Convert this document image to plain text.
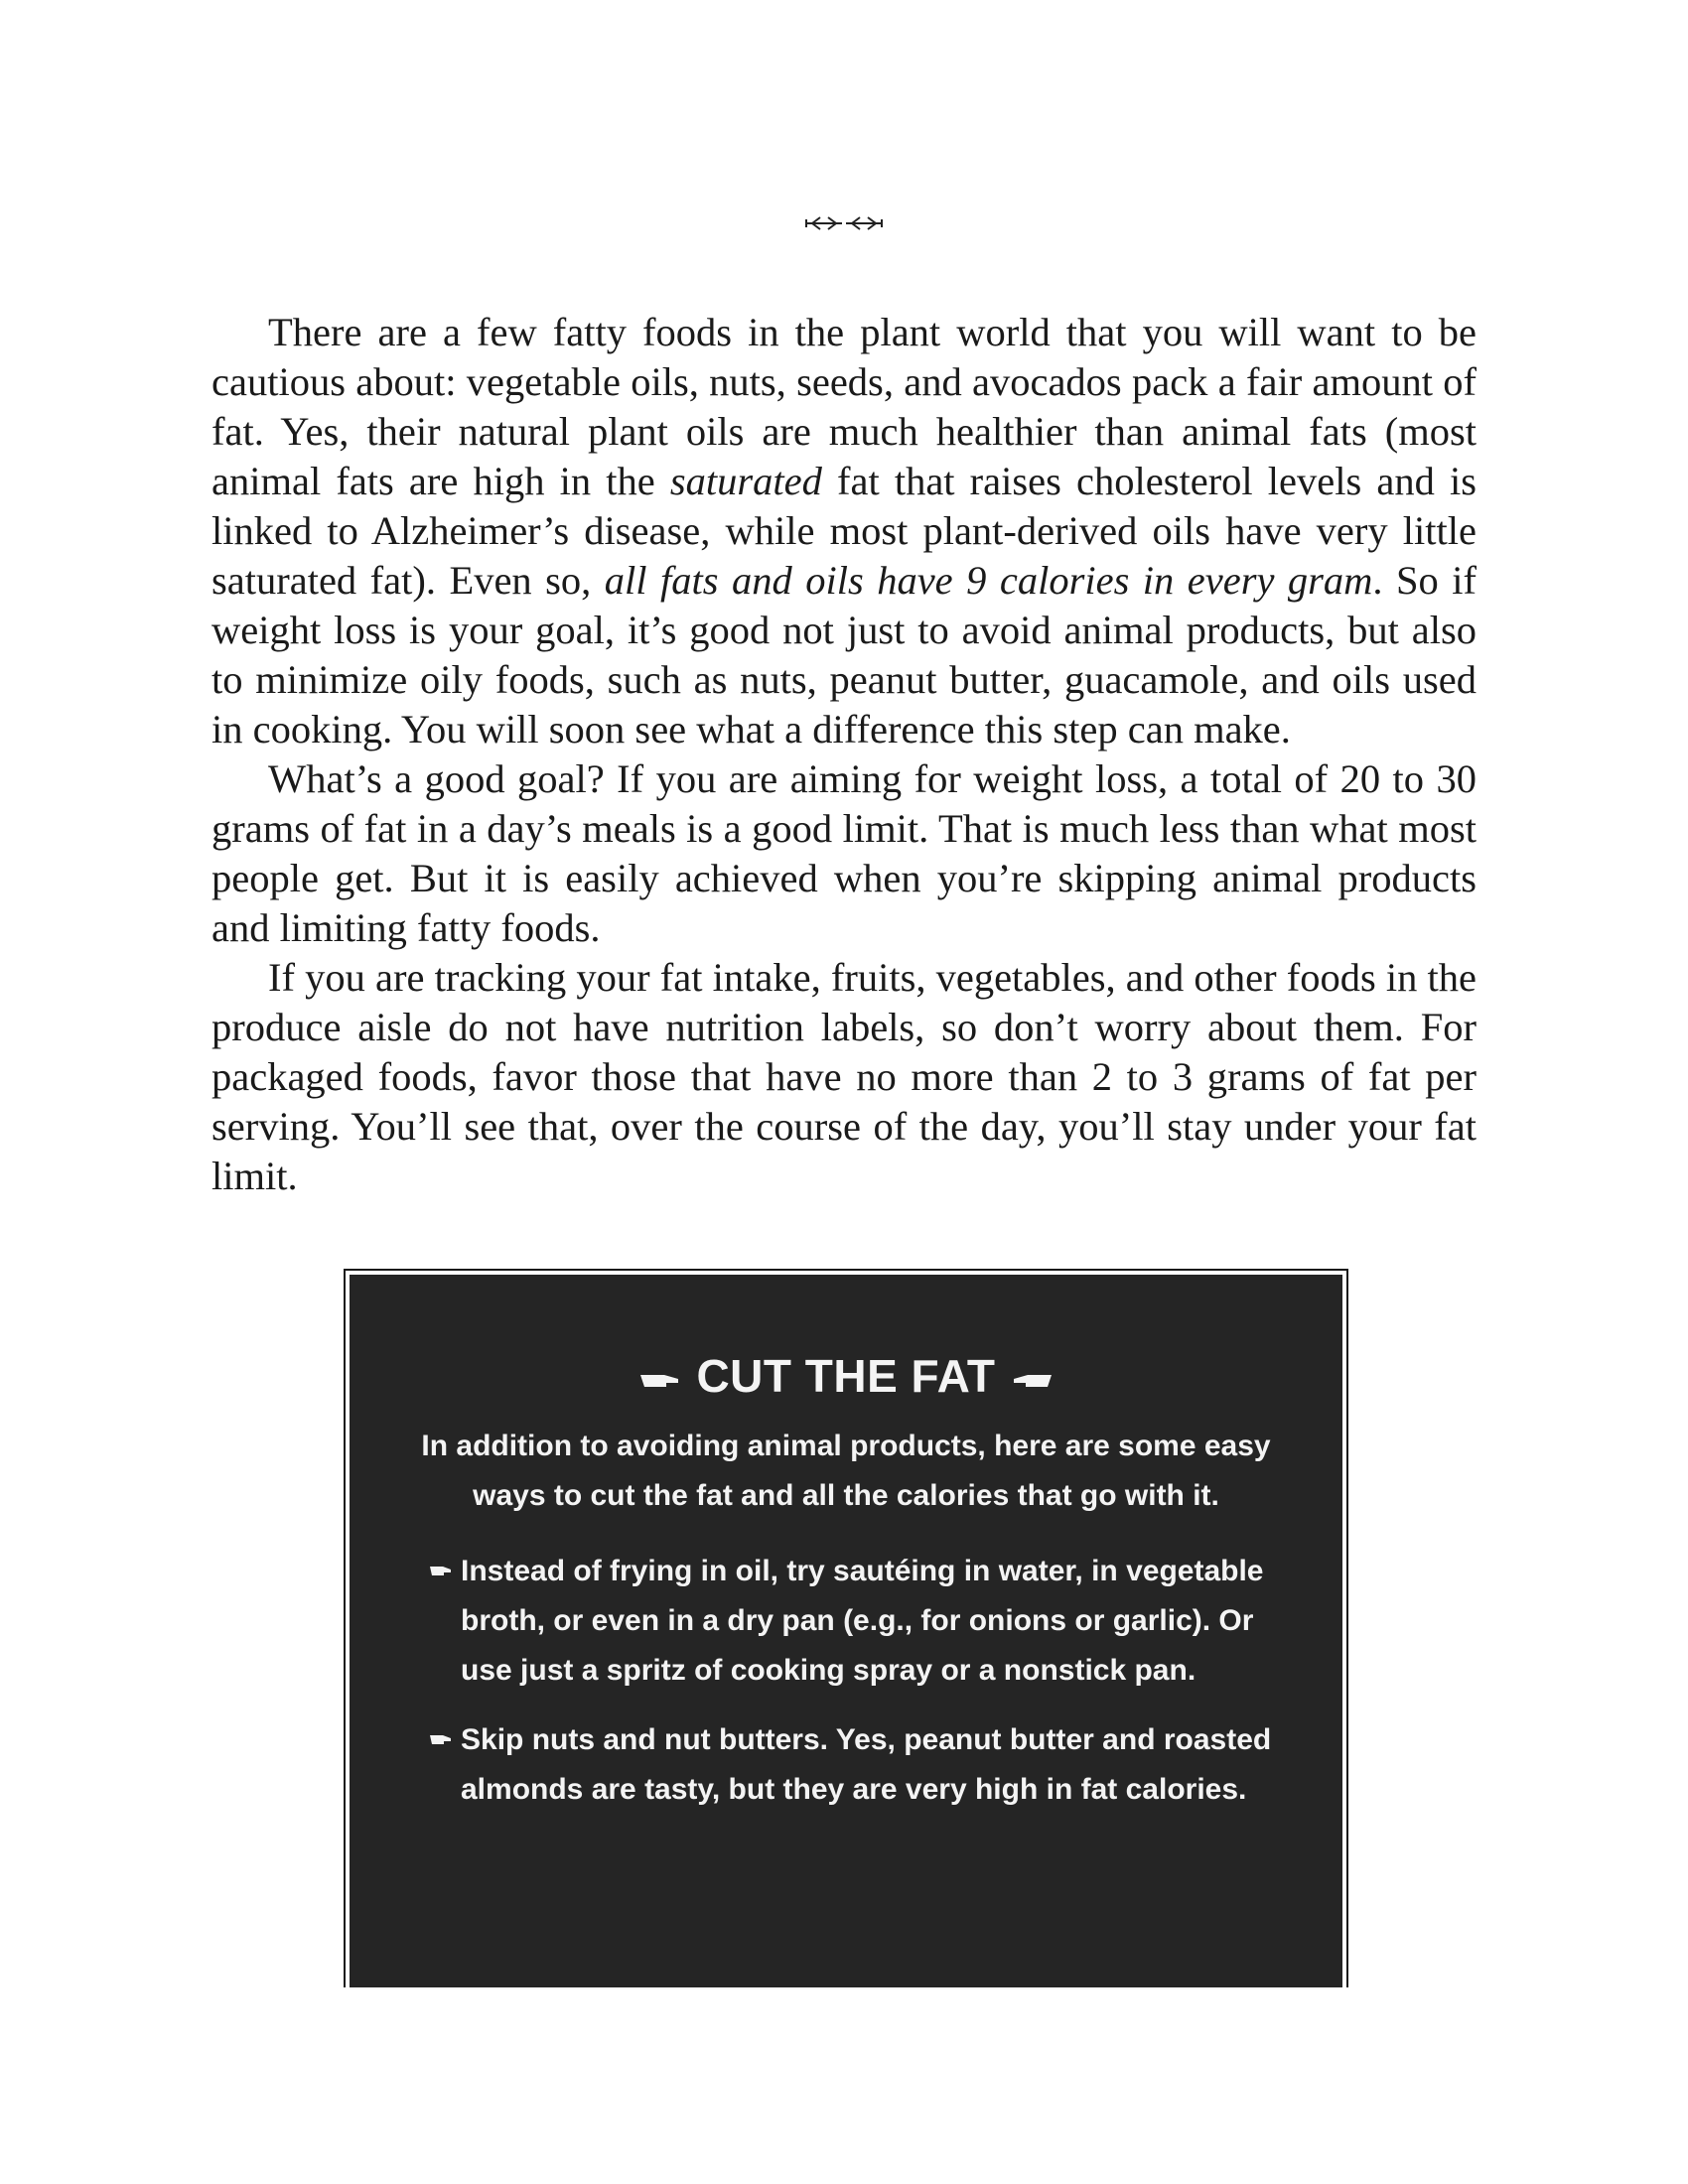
There are a few fatty foods in the plant world that you will want to be cautious about: vegetable oils, nuts, seeds, and avocados pack a fair amount of fat. Yes, their natural plant oils are much healthier than animal fats (most animal fats are high in the saturated fat that raises cholesterol levels and is linked to Alzheimer’s disease, while most plant-derived oils have very little saturated fat). Even so, all fats and oils have 9 calories in every gram. So if weight loss is your goal, it’s good not just to avoid animal products, but also to minimize oily foods, such as nuts, peanut butter, guacamole, and oils used in cooking. You will soon see what a difference this step can make.

What’s a good goal? If you are aiming for weight loss, a total of 20 to 30 grams of fat in a day’s meals is a good limit. That is much less than what most people get. But it is easily achieved when you’re skipping animal products and limiting fatty foods.

If you are tracking your fat intake, fruits, vegetables, and other foods in the produce aisle do not have nutrition labels, so don’t worry about them. For packaged foods, favor those that have no more than 2 to 3 grams of fat per serving. You’ll see that, over the course of the day, you’ll stay under your fat limit.

CUT THE FAT
In addition to avoiding animal products, here are some easy ways to cut the fat and all the calories that go with it.
Instead of frying in oil, try sautéing in water, in vegetable broth, or even in a dry pan (e.g., for onions or garlic). Or use just a spritz of cooking spray or a nonstick pan.
Skip nuts and nut butters. Yes, peanut butter and roasted almonds are tasty, but they are very high in fat calories.
